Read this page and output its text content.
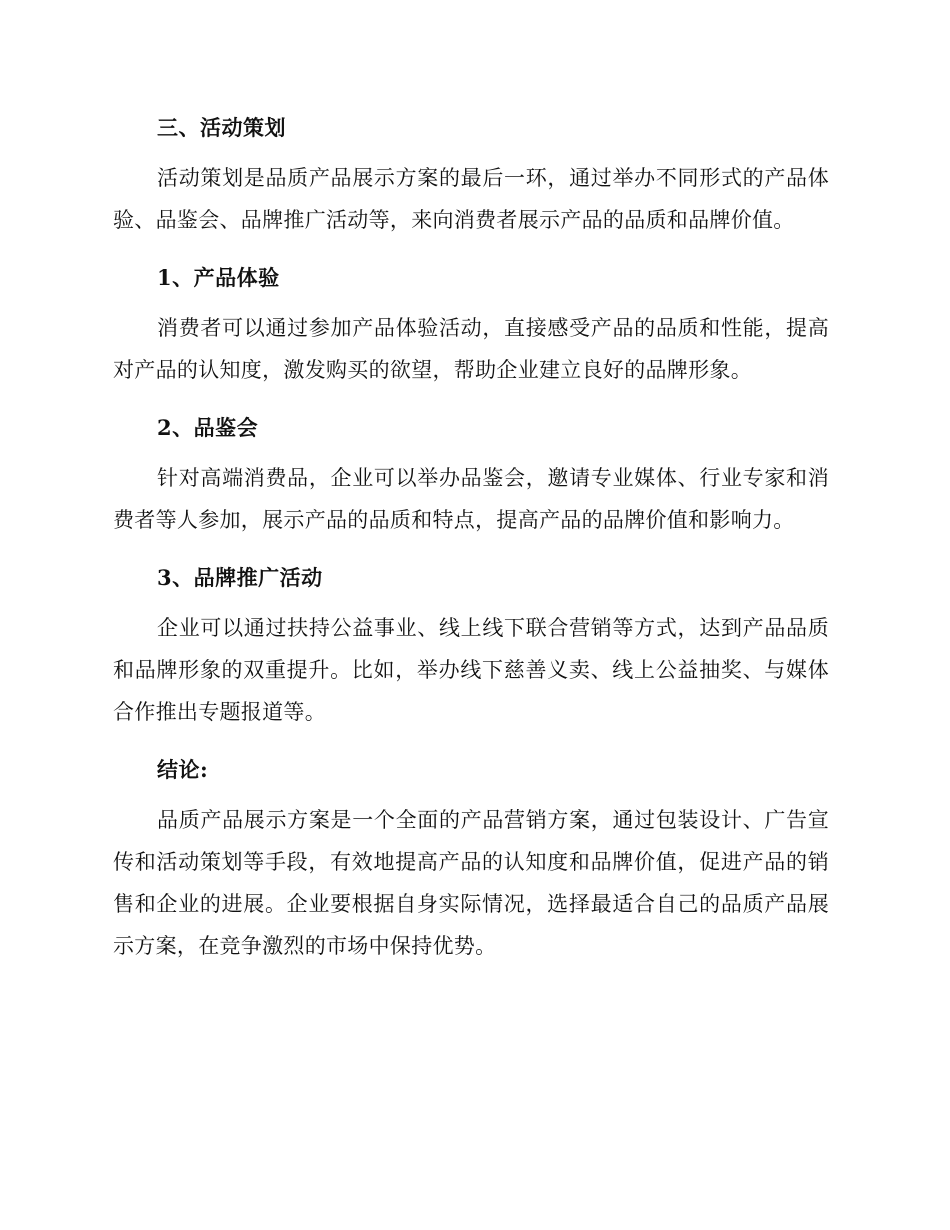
三、活动策划

活动策划是品质产品展示方案的最后一环，通过举办不同形式的产品体验、品鉴会、品牌推广活动等，来向消费者展示产品的品质和品牌价值。

1、产品体验

消费者可以通过参加产品体验活动，直接感受产品的品质和性能，提高对产品的认知度，激发购买的欲望，帮助企业建立良好的品牌形象。

2、品鉴会

针对高端消费品，企业可以举办品鉴会，邀请专业媒体、行业专家和消费者等人参加，展示产品的品质和特点，提高产品的品牌价值和影响力。

3、品牌推广活动

企业可以通过扶持公益事业、线上线下联合营销等方式，达到产品品质和品牌形象的双重提升。比如，举办线下慈善义卖、线上公益抽奖、与媒体合作推出专题报道等。

结论:

品质产品展示方案是一个全面的产品营销方案，通过包装设计、广告宣传和活动策划等手段，有效地提高产品的认知度和品牌价值，促进产品的销售和企业的进展。企业要根据自身实际情况，选择最适合自己的品质产品展示方案，在竞争激烈的市场中保持优势。
